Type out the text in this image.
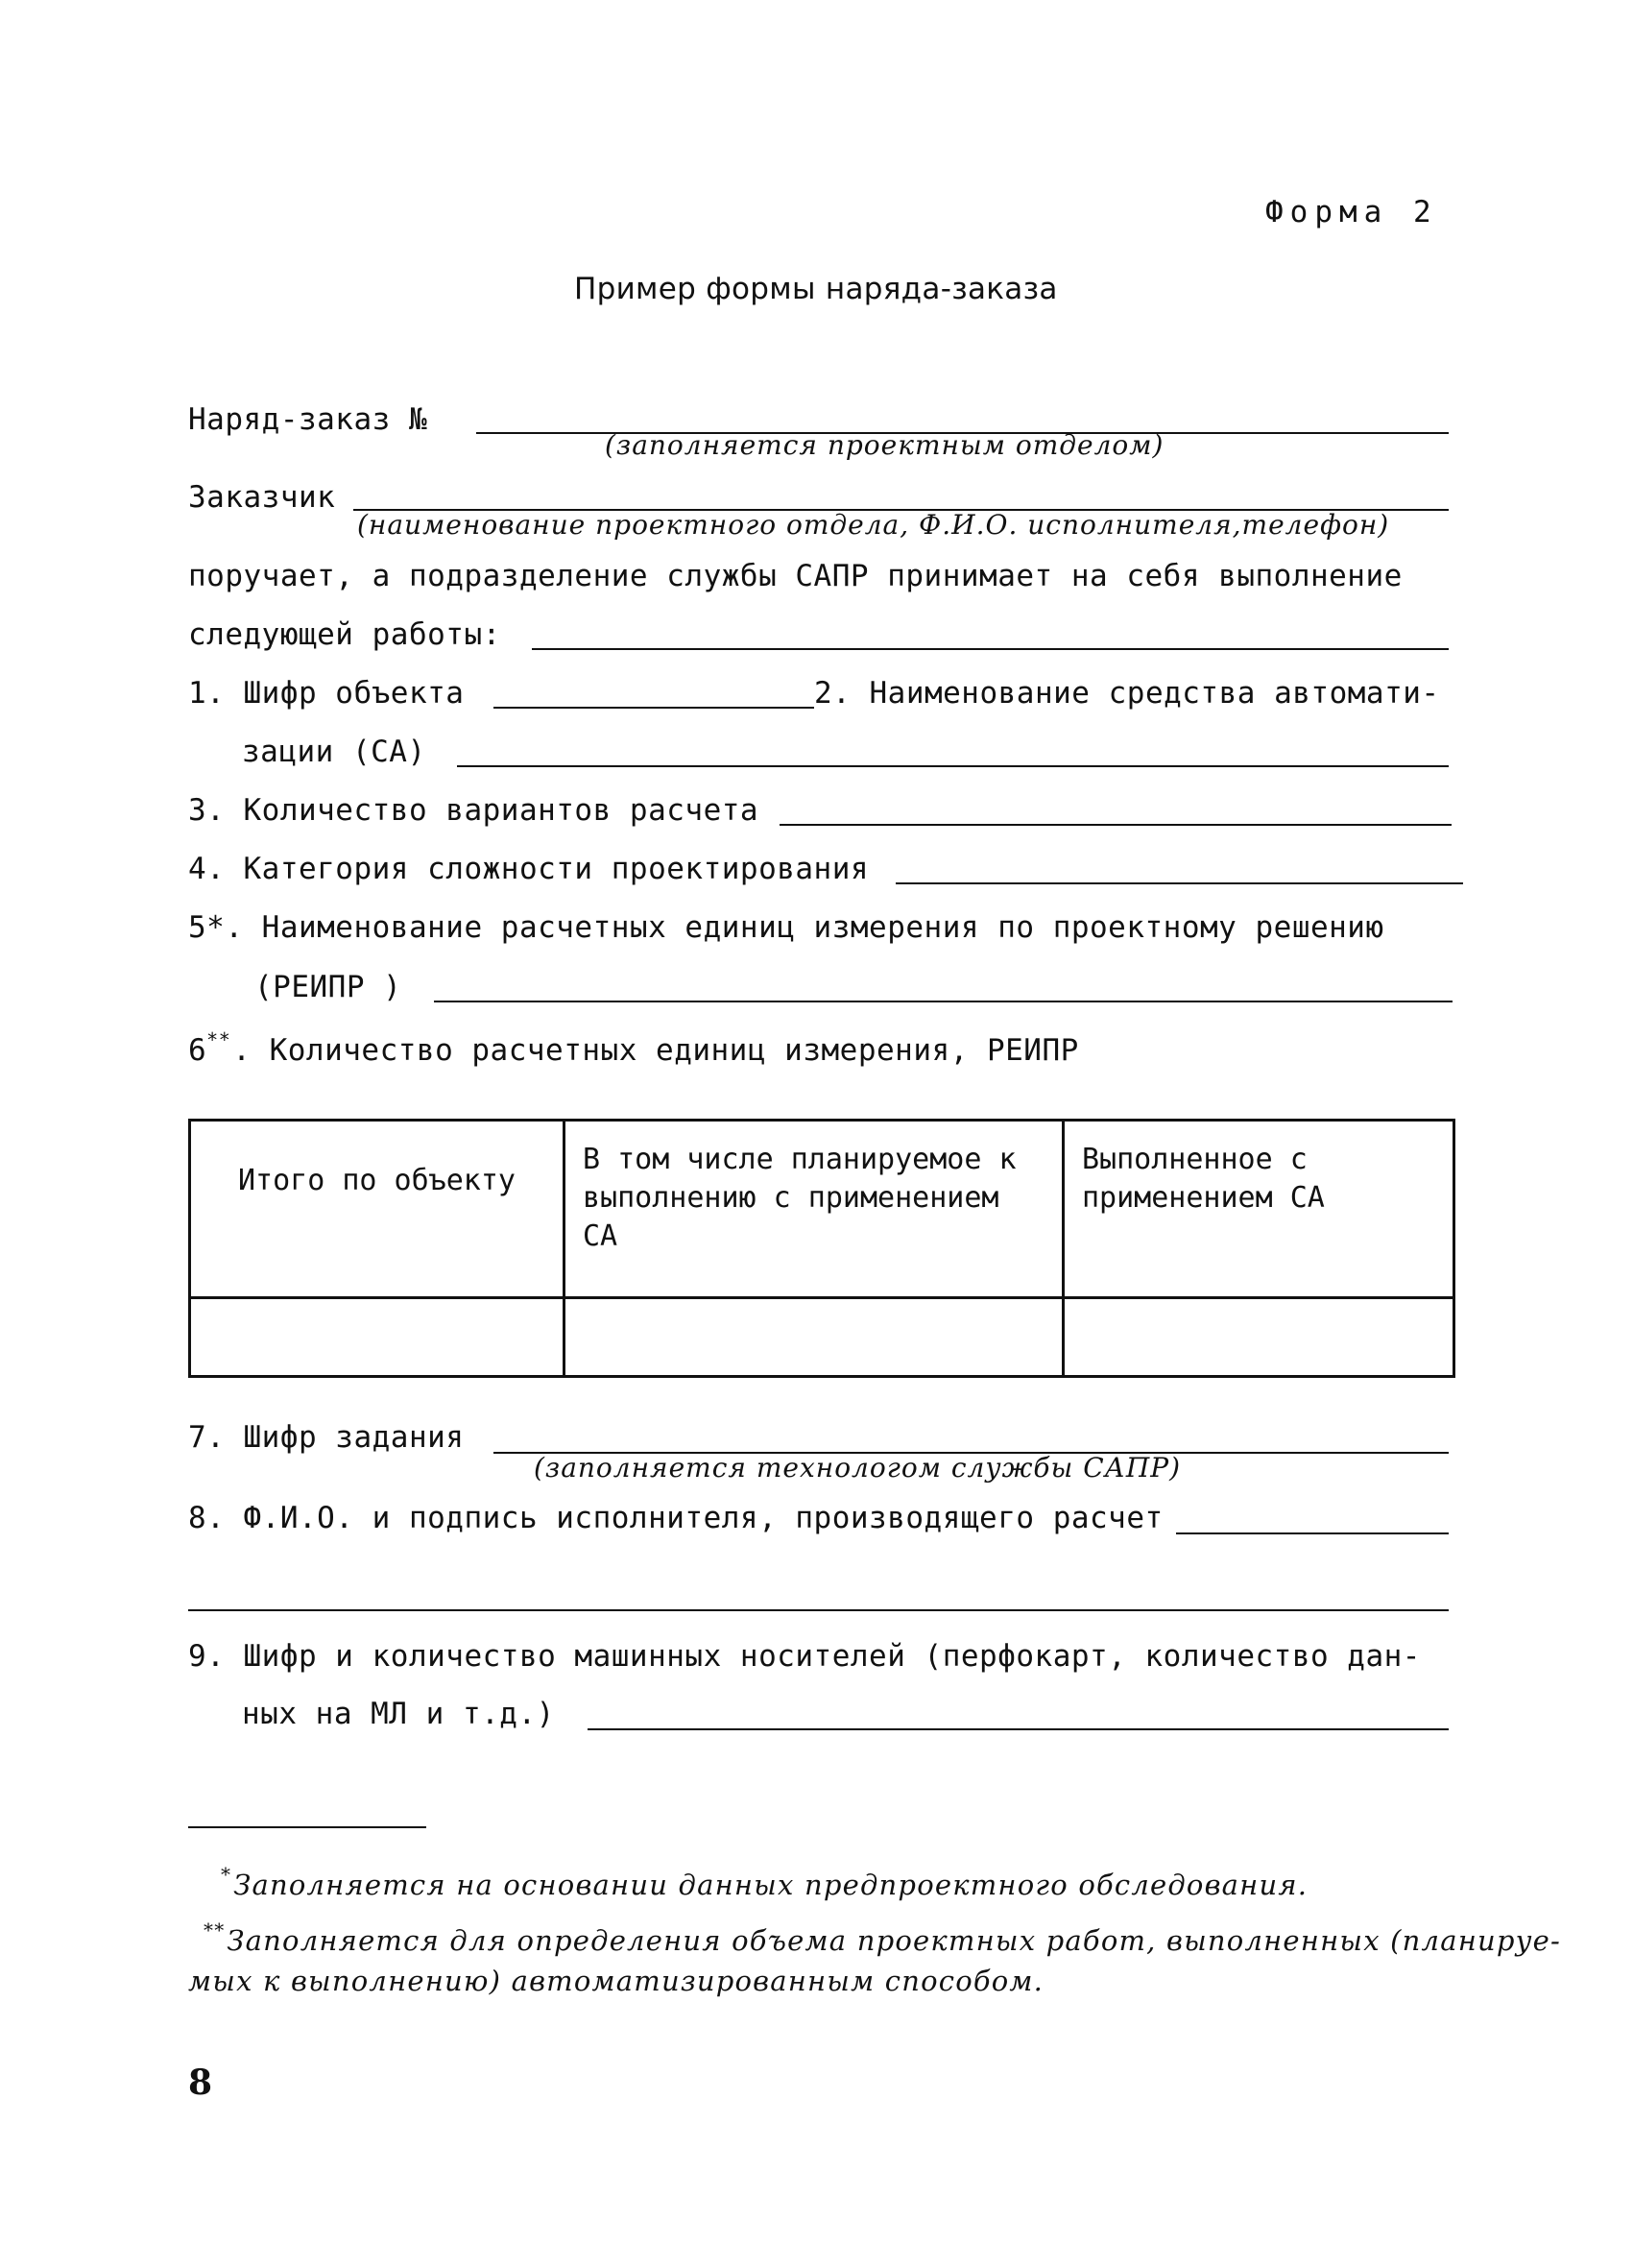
Форма 2
Пример формы наряда-заказа
Наряд-заказ №
(заполняется проектным отделом)
Заказчик
(наименование проектного отдела, Ф.И.О. исполнителя,телефон)
поручает, а подразделение службы САПР принимает на себя выполнение
следующей работы:
1. Шифр объекта	2. Наименование средства автомати-
зации (СА)
3. Количество вариантов расчета
4. Категория сложности проектирования
5*. Наименование расчетных единиц измерения по проектному решению
(РЕИПР )
6**. Количество расчетных единиц измерения, РЕИПР
Итого по объекту	В том числе планируемое к выполнению с применением СА	Выполненное с применением СА

7. Шифр задания
(заполняется технологом службы САПР)
8. Ф.И.О. и подпись исполнителя, производящего расчет
9. Шифр и количество машинных носителей (перфокарт, количество дан-
ных на МЛ и т.д.)
*Заполняется на основании данных предпроектного обследования.
**Заполняется для определения объема проектных работ, выполненных (планируе-
мых к выполнению) автоматизированным способом.
8
